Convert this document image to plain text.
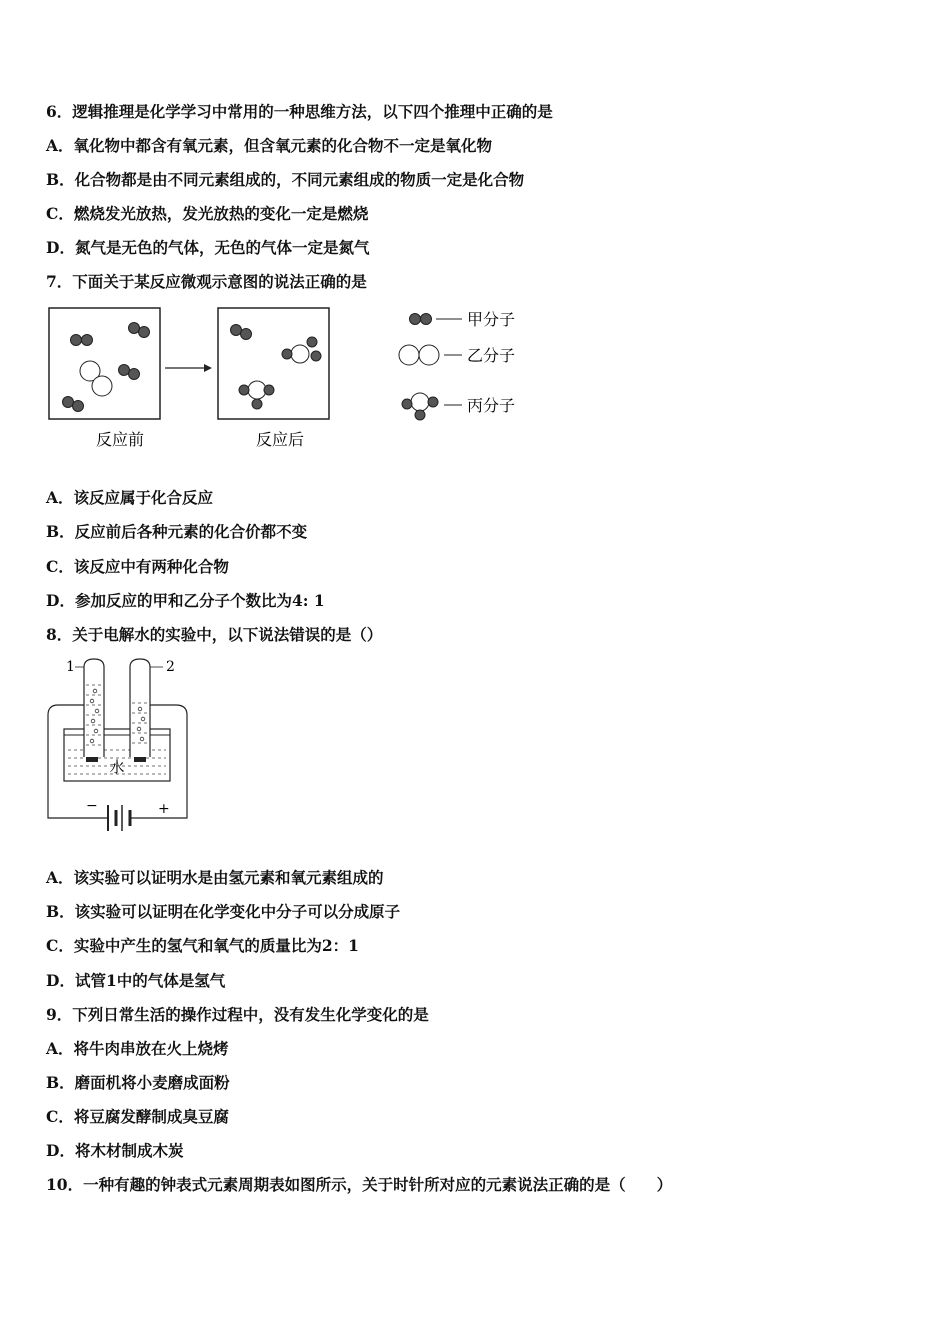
6．逻辑推理是化学学习中常用的一种思维方法，以下四个推理中正确的是
A．氧化物中都含有氧元素，但含氧元素的化合物不一定是氧化物
B．化合物都是由不同元素组成的，不同元素组成的物质一定是化合物
C．燃烧发光放热，发光放热的变化一定是燃烧
D．氮气是无色的气体，无色的气体一定是氮气
7．下面关于某反应微观示意图的说法正确的是
反应前	反应后
甲分子
乙分子
丙分子
A．该反应属于化合反应
B．反应前后各种元素的化合价都不变
C．该反应中有两种化合物
D．参加反应的甲和乙分子个数比为4: 1
8．关于电解水的实验中，以下说法错误的是（）
−	+
水
1	2
A．该实验可以证明水是由氢元素和氧元素组成的
B．该实验可以证明在化学变化中分子可以分成原子
C．实验中产生的氢气和氧气的质量比为2：1
D．试管1中的气体是氢气
9．下列日常生活的操作过程中，没有发生化学变化的是
A．将牛肉串放在火上烧烤
B．磨面机将小麦磨成面粉
C．将豆腐发酵制成臭豆腐
D．将木材制成木炭
10．一种有趣的钟表式元素周期表如图所示，关于时针所对应的元素说法正确的是（　　）
